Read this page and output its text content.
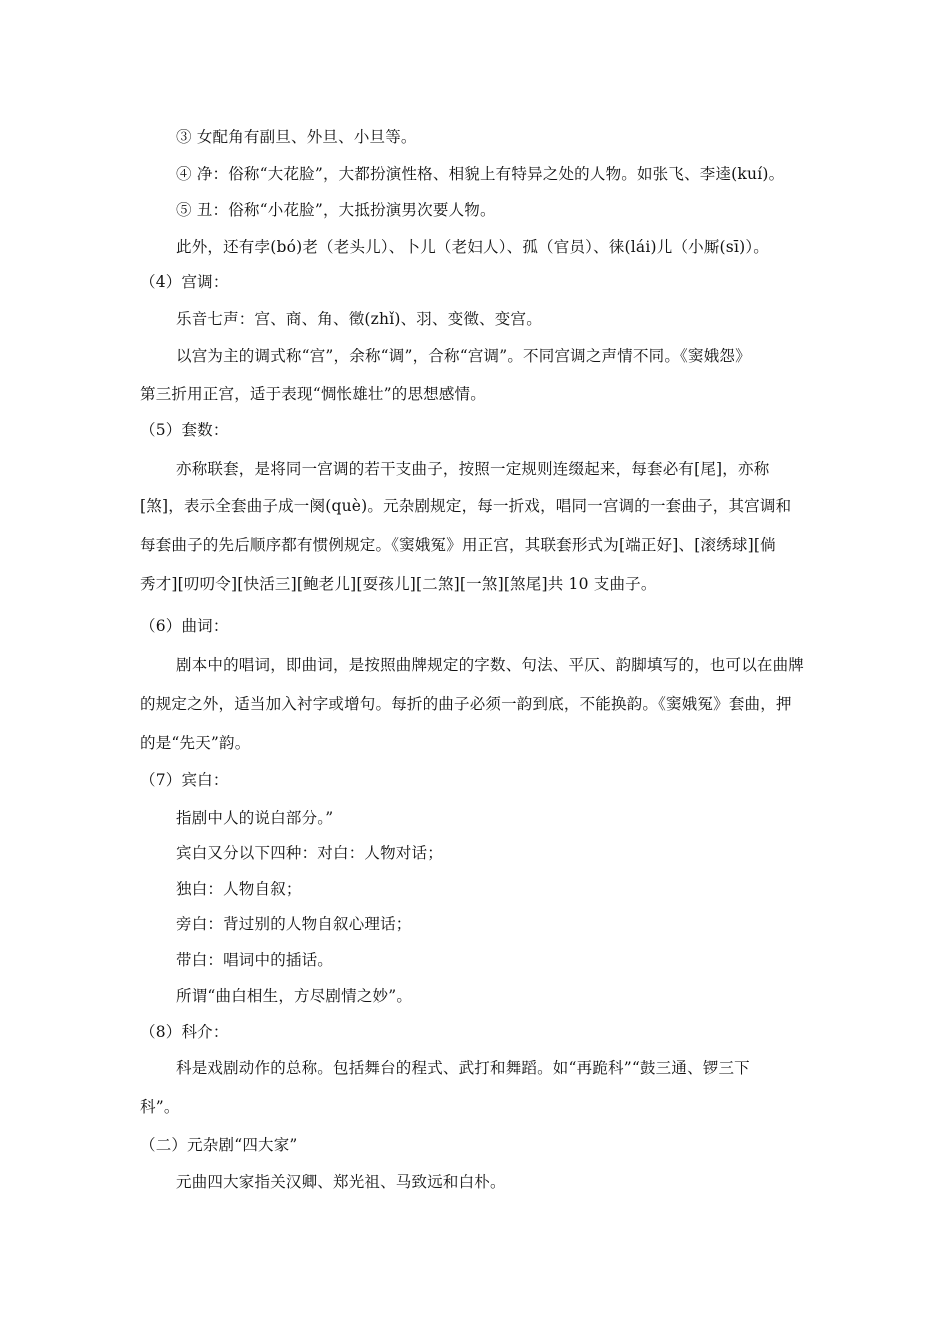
③ 女配角有副旦、外旦、小旦等。
④ 净：俗称“大花脸”，大都扮演性格、相貌上有特异之处的人物。如张飞、李逵(kuí)。
⑤ 丑：俗称“小花脸”，大抵扮演男次要人物。
此外，还有孛(bó)老（老头儿）、卜儿（老妇人）、孤（官员）、徕(lái)儿（小厮(sī)）。
（4）宫调：
乐音七声：宫、商、角、徵(zhǐ)、羽、变徵、变宫。
以宫为主的调式称“宫”，余称“调”，合称“宫调”。不同宫调之声情不同。《窦娥怨》
第三折用正宫，适于表现“惆怅雄壮”的思想感情。
（5）套数：
亦称联套，是将同一宫调的若干支曲子，按照一定规则连缀起来，每套必有[尾]，亦称
[煞]，表示全套曲子成一阕(què)。元杂剧规定，每一折戏，唱同一宫调的一套曲子，其宫调和
每套曲子的先后顺序都有惯例规定。《窦娥冤》用正宫，其联套形式为[端正好]、[滚绣球][倘
秀才][叨叨令][快活三][鲍老儿][耍孩儿][二煞][一煞][煞尾]共 10 支曲子。
（6）曲词：
剧本中的唱词，即曲词，是按照曲牌规定的字数、句法、平仄、韵脚填写的，也可以在曲牌
的规定之外，适当加入衬字或增句。每折的曲子必须一韵到底，不能换韵。《窦娥冤》套曲，押
的是“先天”韵。
（7）宾白：
指剧中人的说白部分。”
宾白又分以下四种：对白：人物对话；
独白：人物自叙；
旁白：背过别的人物自叙心理话；
带白：唱词中的插话。
所谓“曲白相生，方尽剧情之妙”。
（8）科介：
科是戏剧动作的总称。包括舞台的程式、武打和舞蹈。如“再跪科”“鼓三通、锣三下
科”。
（二）元杂剧“四大家”
元曲四大家指关汉卿、郑光祖、马致远和白朴。
